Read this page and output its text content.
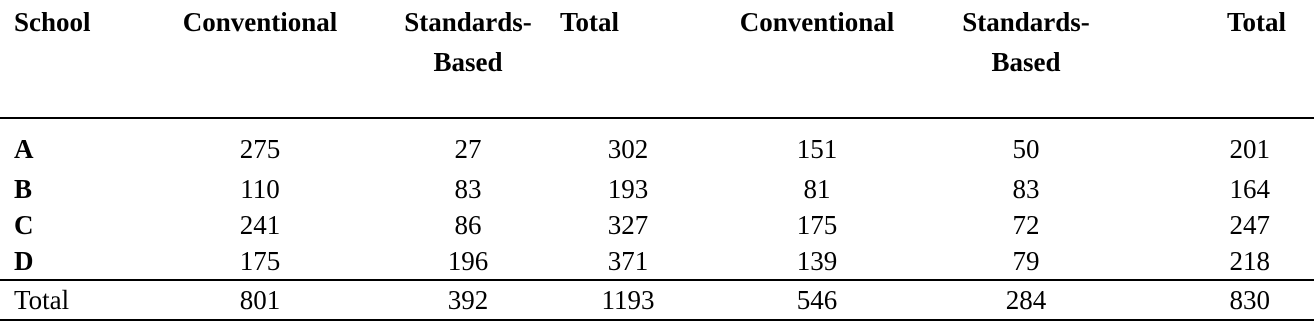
School	Conventional	Standards-
Based	Total	Conventional	Standards-
Based	Total
A	275	27	302	151	50	201
B	110	83	193	81	83	164
C	241	86	327	175	72	247
D	175	196	371	139	79	218
Total	801	392	1193	546	284	830
